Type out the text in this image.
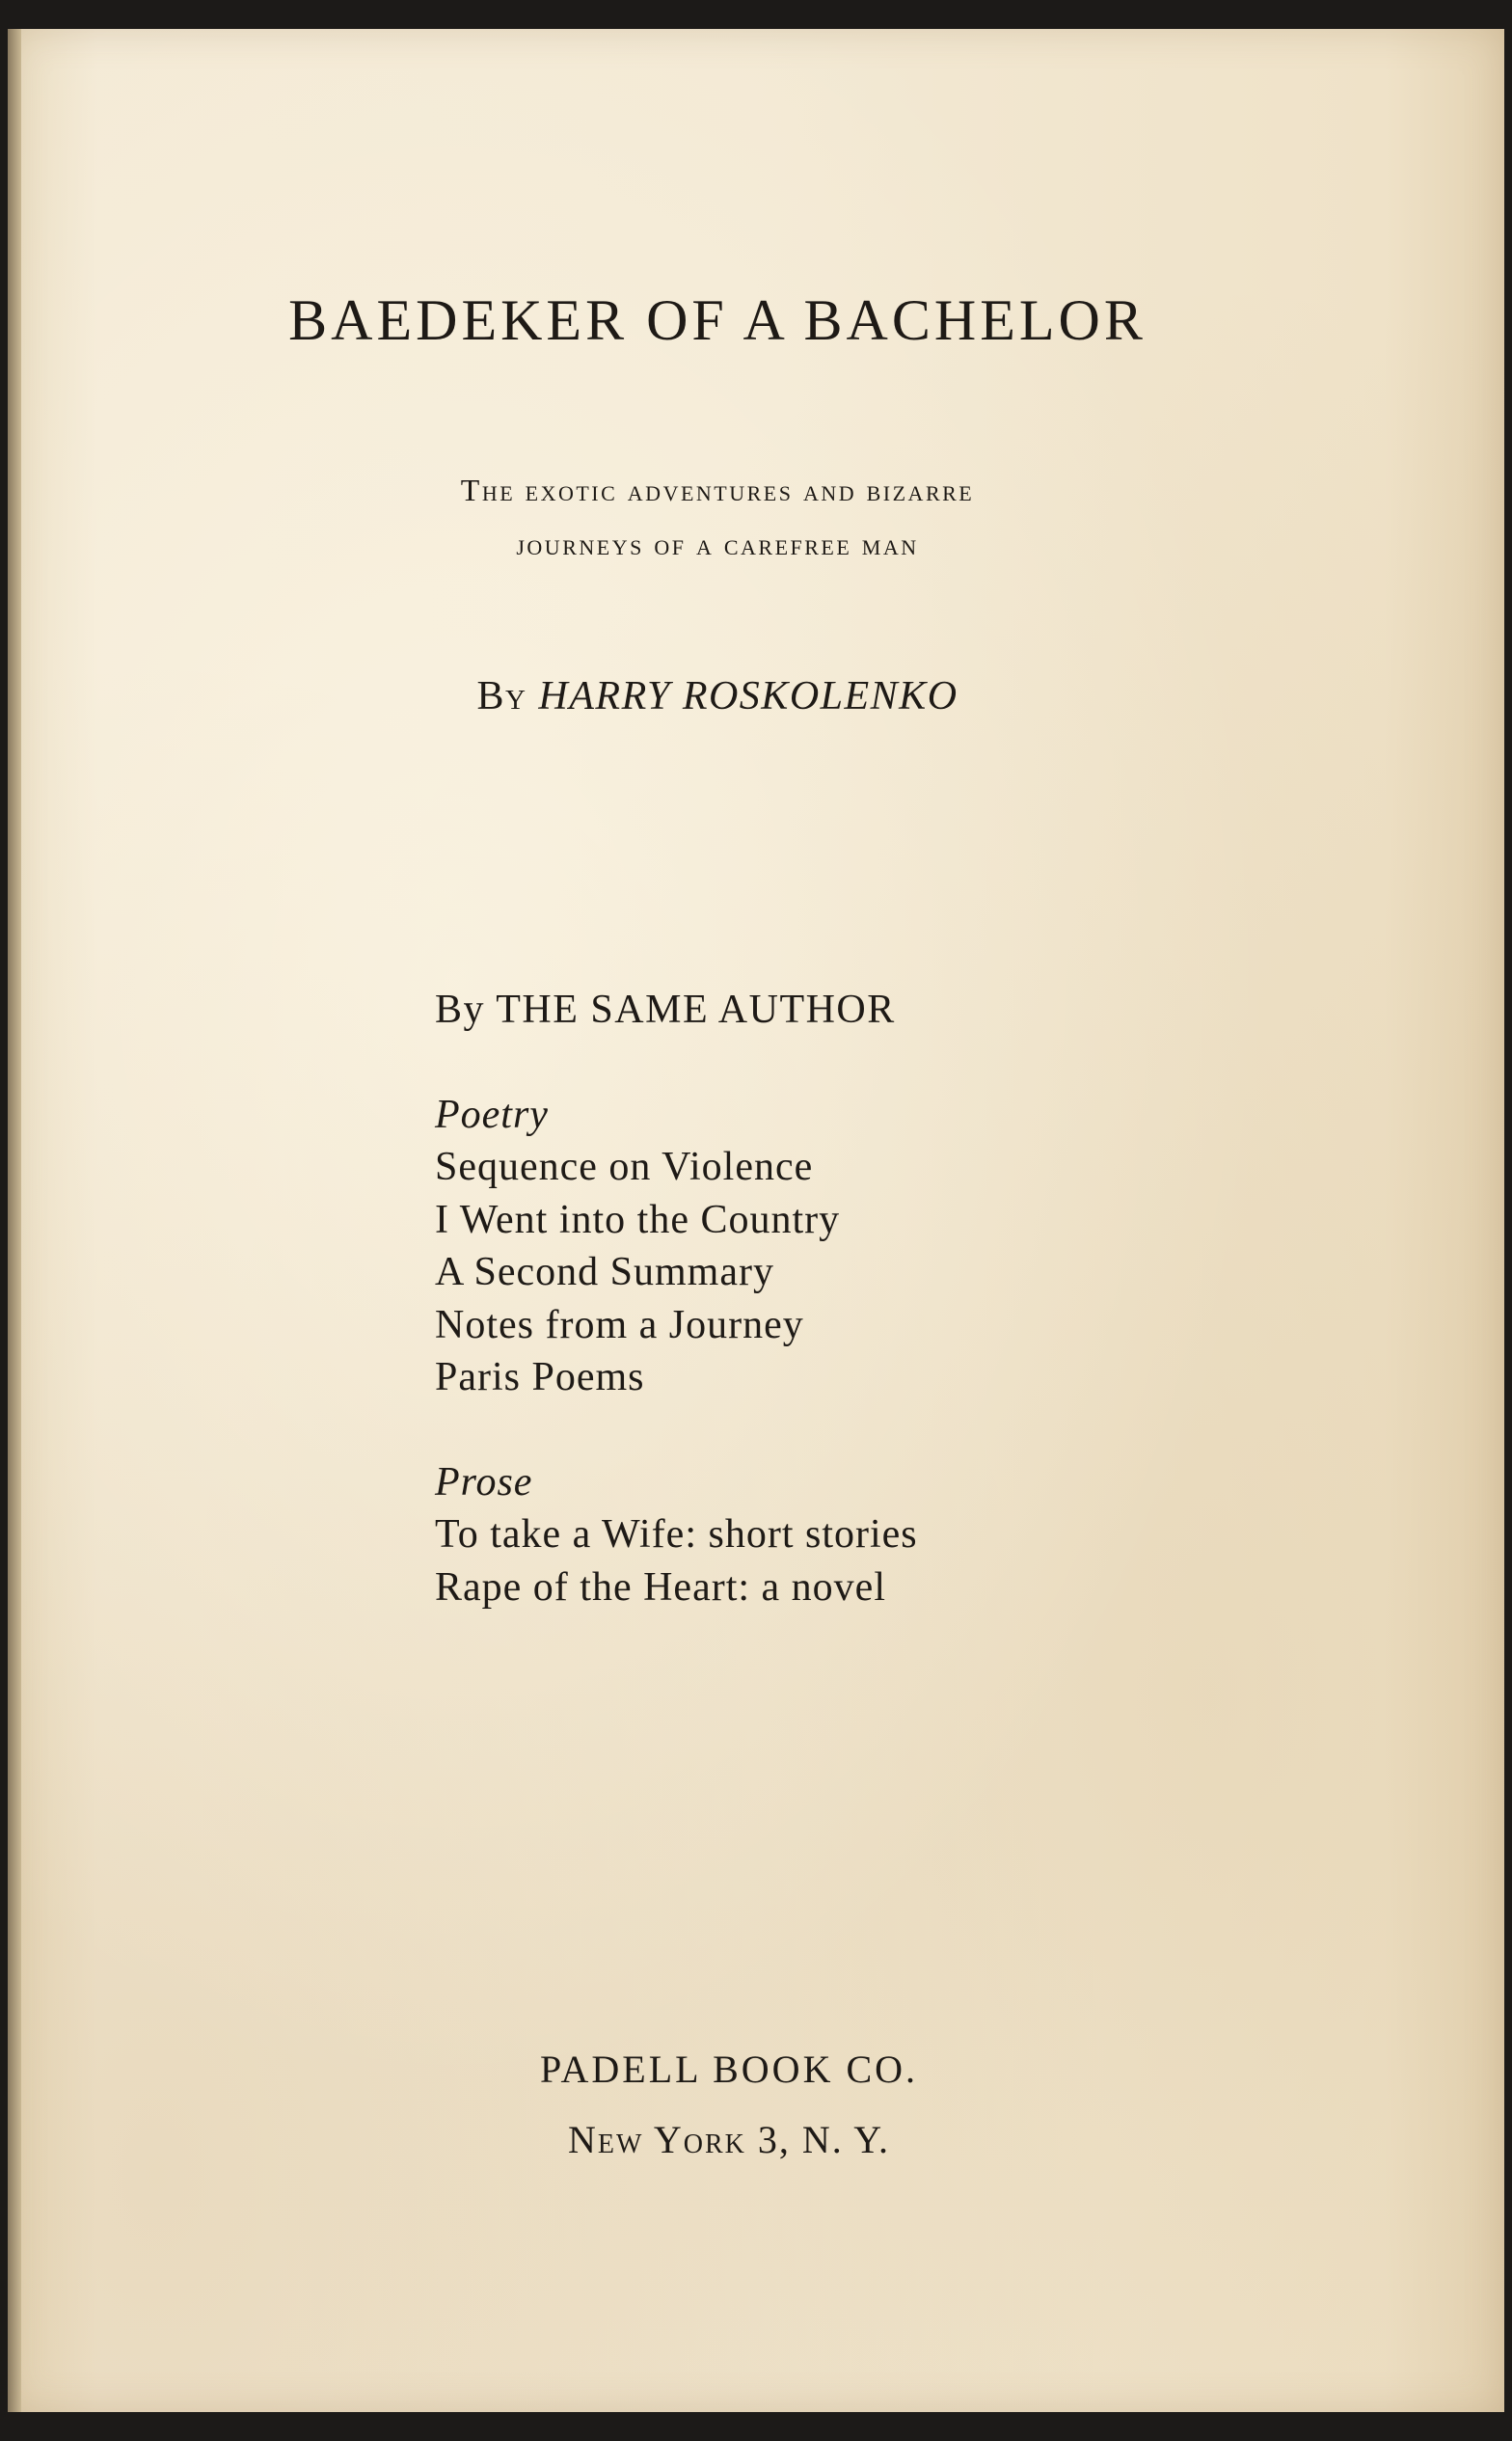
BAEDEKER OF A BACHELOR
The exotic adventures and bizarre
journeys of a carefree man
By HARRY ROSKOLENKO
By THE SAME AUTHOR
Poetry
Sequence on Violence
I Went into the Country
A Second Summary
Notes from a Journey
Paris Poems
Prose
To take a Wife: short stories
Rape of the Heart: a novel
PADELL BOOK CO.
New York 3, N. Y.
